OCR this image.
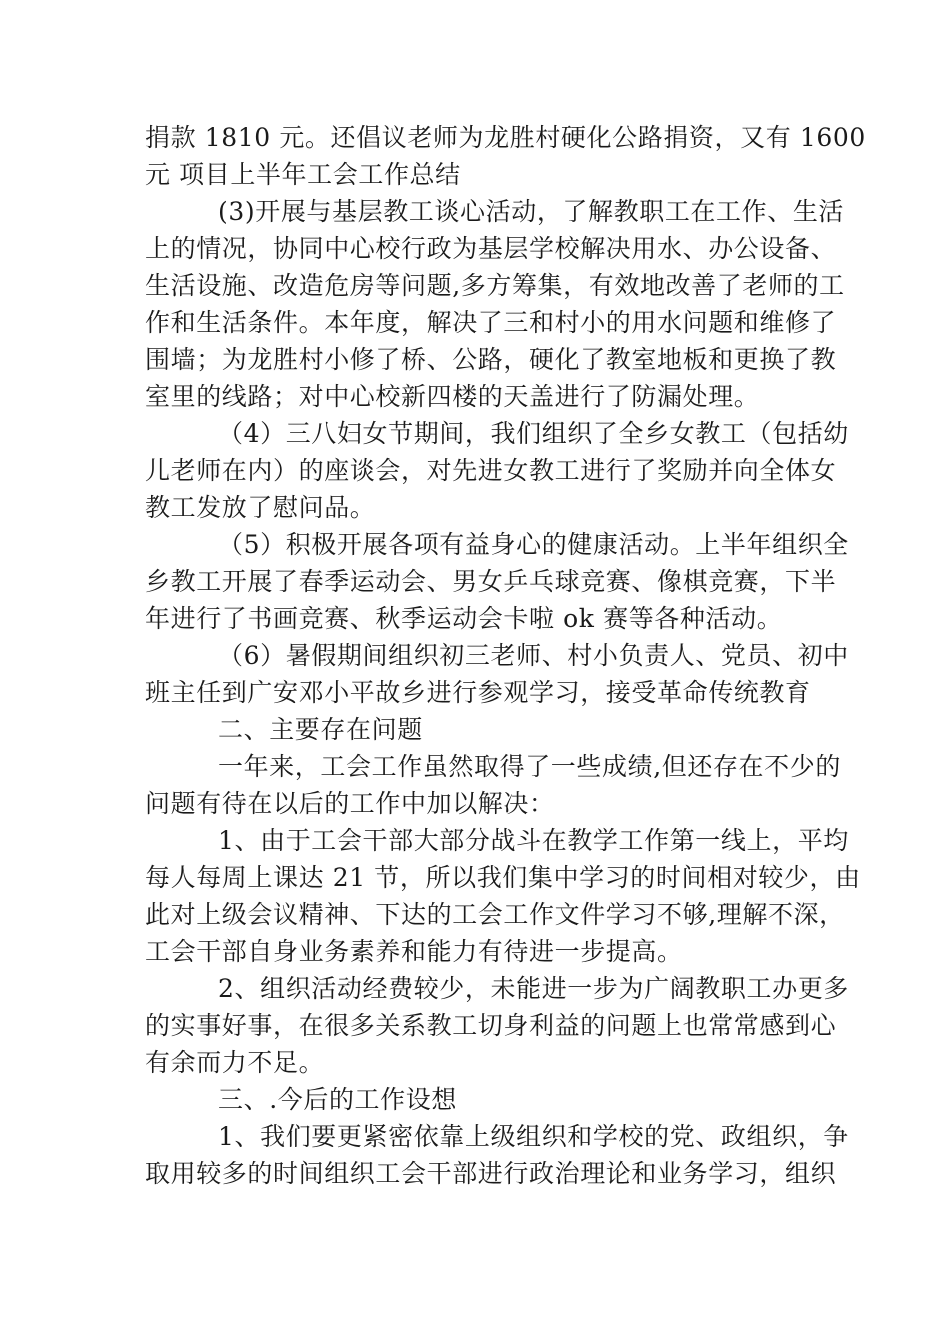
捐款 1810 元。还倡议老师为龙胜村硬化公路捐资，又有 1600

元 项目上半年工会工作总结

(3)开展与基层教工谈心活动，了解教职工在工作、生活

上的情况，协同中心校行政为基层学校解决用水、办公设备、

生活设施、改造危房等问题,多方筹集，有效地改善了老师的工

作和生活条件。本年度，解决了三和村小的用水问题和维修了

围墙；为龙胜村小修了桥、公路，硬化了教室地板和更换了教

室里的线路；对中心校新四楼的天盖进行了防漏处理。

（4）三八妇女节期间，我们组织了全乡女教工（包括幼

儿老师在内）的座谈会，对先进女教工进行了奖励并向全体女

教工发放了慰问品。

（5）积极开展各项有益身心的健康活动。上半年组织全

乡教工开展了春季运动会、男女乒乓球竞赛、像棋竞赛，下半

年进行了书画竞赛、秋季运动会卡啦 ok 赛等各种活动。

（6）暑假期间组织初三老师、村小负责人、党员、初中

班主任到广安邓小平故乡进行参观学习，接受革命传统教育

二、主要存在问题

一年来，工会工作虽然取得了一些成绩,但还存在不少的

问题有待在以后的工作中加以解决：

1、由于工会干部大部分战斗在教学工作第一线上，平均

每人每周上课达 21 节，所以我们集中学习的时间相对较少，由

此对上级会议精神、下达的工会工作文件学习不够,理解不深，

工会干部自身业务素养和能力有待进一步提高。

2、组织活动经费较少，未能进一步为广阔教职工办更多

的实事好事，在很多关系教工切身利益的问题上也常常感到心

有余而力不足。

三、.今后的工作设想

1、我们要更紧密依靠上级组织和学校的党、政组织，争

取用较多的时间组织工会干部进行政治理论和业务学习，组织
